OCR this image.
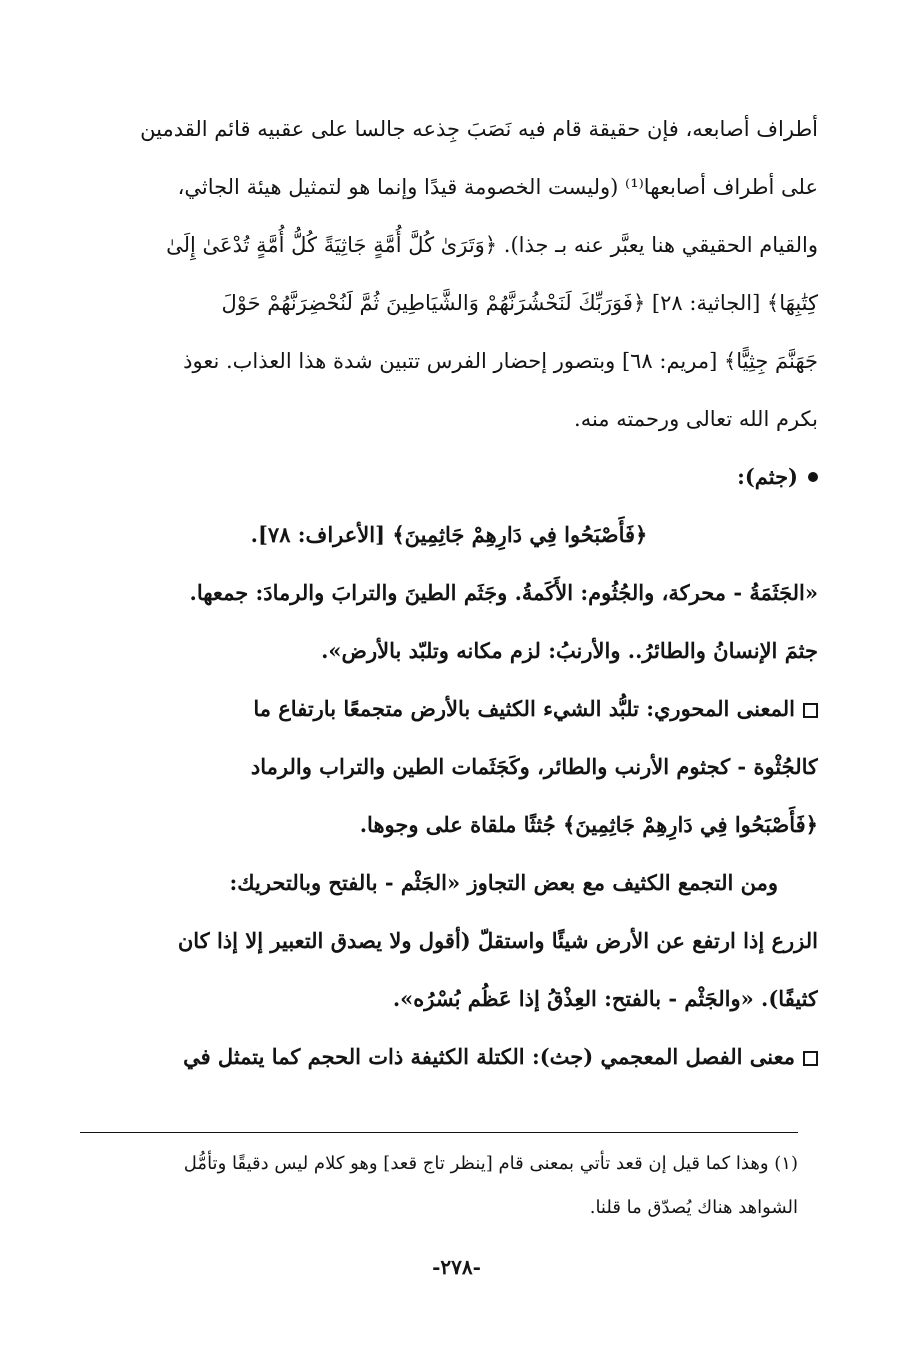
أطراف أصابعه، فإن حقيقة قام فيه نَصَبَ جِذعه جالسا على عقبيه قائم القدمين

على أطراف أصابعها⁽¹⁾ (وليست الخصومة قيدًا وإنما هو لتمثيل هيئة الجاثي،

والقيام الحقيقي هنا يعبَّر عنه بـ جذا). ﴿وَتَرَىٰ كُلَّ أُمَّةٍ جَاثِيَةً كُلُّ أُمَّةٍ تُدْعَىٰ إِلَىٰ

كِتَٰبِهَا﴾ [الجاثية: ٢٨] ﴿فَوَرَبِّكَ لَنَحْشُرَنَّهُمْ وَالشَّيَاطِينَ ثُمَّ لَنُحْضِرَنَّهُمْ حَوْلَ

جَهَنَّمَ جِثِيًّا﴾ [مريم: ٦٨] وبتصور إحضار الفرس تتبين شدة هذا العذاب. نعوذ

بكرم الله تعالى ورحمته منه.

(جثم):

﴿فَأَصْبَحُوا فِي دَارِهِمْ جَاثِمِينَ﴾ [الأعراف: ٧٨].

«الجَثَمَةُ - محركة، والجُثُوم: الأَكَمةُ. وجَثَم الطينَ والترابَ والرمادَ: جمعها.

جثمَ الإنسانُ والطائرُ.. والأرنبُ: لزم مكانه وتلبّد بالأرض».

المعنى المحوري: تلبُّد الشيء الكثيف بالأرض متجمعًا بارتفاع ما

كالجُثْوة - كجثوم الأرنب والطائر، وكَجَثَمات الطين والتراب والرماد

﴿فَأَصْبَحُوا فِي دَارِهِمْ جَاثِمِينَ﴾ جُثثًا ملقاة على وجوها.

ومن التجمع الكثيف مع بعض التجاوز «الجَثْم - بالفتح وبالتحريك:

الزرع إذا ارتفع عن الأرض شيئًا واستقلّ (أقول ولا يصدق التعبير إلا إذا كان

كثيفًا). «والجَثْم - بالفتح: العِذْقُ إذا عَظُم بُسْرُه».

معنى الفصل المعجمي (جث): الكتلة الكثيفة ذات الحجم كما يتمثل في

(١) وهذا كما قيل إن قعد تأتي بمعنى قام [ينظر تاج قعد] وهو كلام ليس دقيقًا وتأمُّل

الشواهد هناك يُصدّق ما قلنا.

-٢٧٨-
